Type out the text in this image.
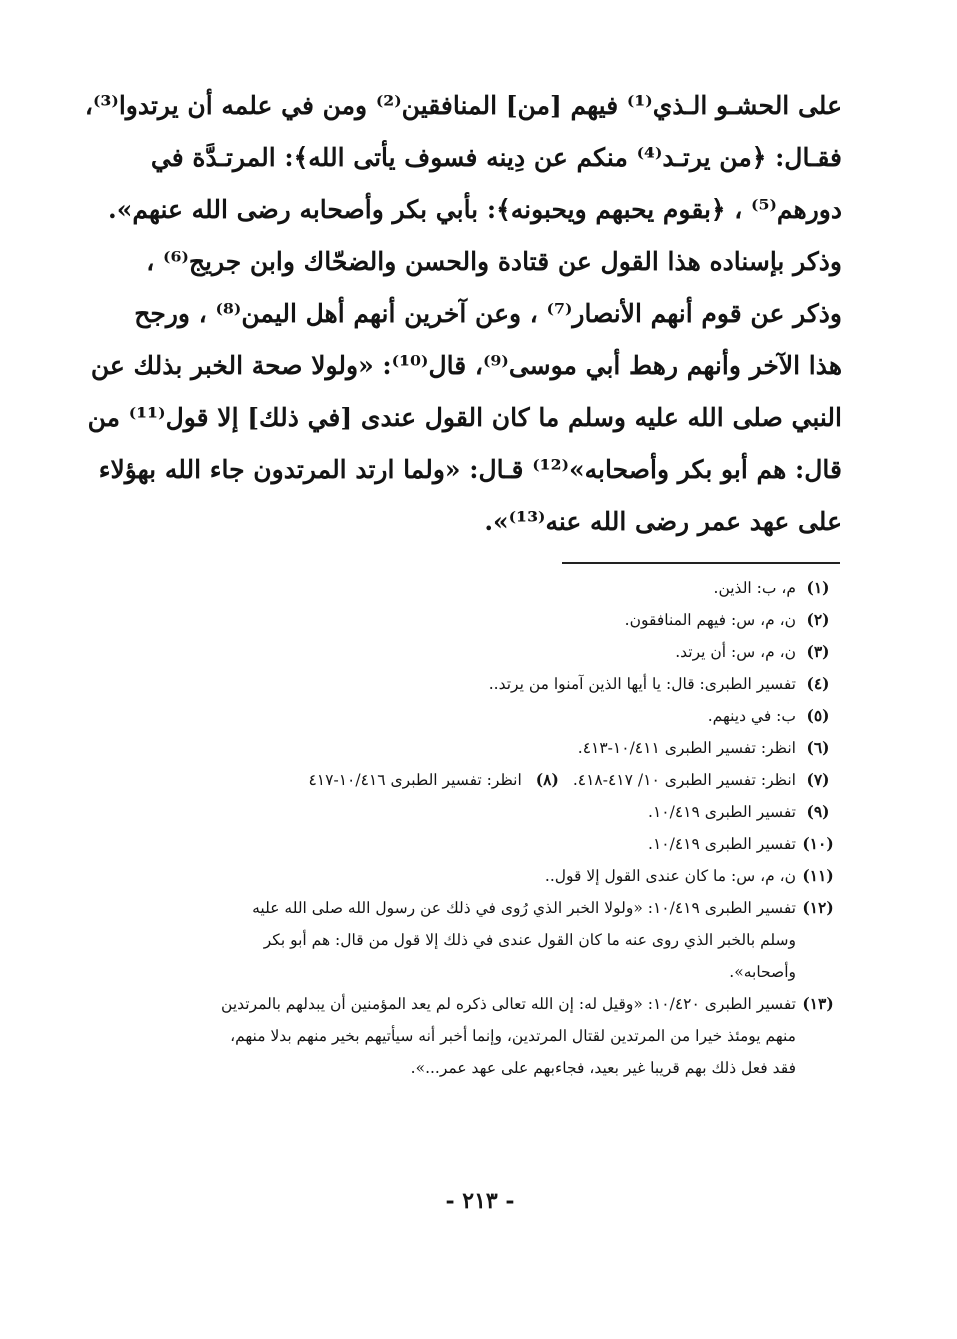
على الحشـو الـذي⁽¹⁾ فيهم [من] المنافقين⁽²⁾ ومن في علمه أن يرتدوا⁽³⁾،
فقـال: ﴿من يرتـد⁽⁴⁾ منكم عن دِينه فسوف يأتى الله﴾: المرتـدَّة في
دورهم⁽⁵⁾ ، ﴿بقوم يحبهم ويحبونه﴾: بأبي بكر وأصحابه رضى الله عنهم».
وذكر بإسناده هذا القول عن قتادة والحسن والضحّاك وابن جريج⁽⁶⁾ ،
وذكر عن قوم أنهم الأنصار⁽⁷⁾ ، وعن آخرين أنهم أهل اليمن⁽⁸⁾ ، ورجح
هذا الآخر وأنهم رهط أبي موسى⁽⁹⁾، قال⁽¹⁰⁾: «ولولا صحة الخبر بذلك عن
النبي صلى الله عليه وسلم ما كان القول عندى [في ذلك] إلا قول⁽¹¹⁾ من
قال: هم أبو بكر وأصحابه»⁽¹²⁾ قـال: «ولما ارتد المرتدون جاء الله بهؤلاء
على عهد عمر رضى الله عنه⁽¹³⁾».
(١)
م، ب: الذين.
(٢)
ن، م، س: فيهم المنافقون.
(٣)
ن، م، س: أن يرتد.
(٤)
تفسير الطبرى: قال: يا أيها الذين آمنوا من يرتد..
(٥)
ب: في دينهم.
(٦)
انظر: تفسير الطبرى ١٠/٤١١-٤١٣.
(٧)
انظر: تفسير الطبرى ١٠/ ٤١٧-٤١٨.(٨)انظر: تفسير الطبرى ١٠/٤١٦-٤١٧
(٩)
تفسير الطبرى ١٠/٤١٩.
(١٠)
تفسير الطبرى ١٠/٤١٩.
(١١)
ن، م، س: ما كان عندى القول إلا قول..
(١٢)
تفسير الطبرى ١٠/٤١٩: «ولولا الخبر الذي رُوى في ذلك عن رسول الله صلى الله عليه
وسلم بالخبر الذي روى عنه ما كان القول عندى في ذلك إلا قول من قال: هم أبو بكر
وأصحابه».
(١٣)
تفسير الطبرى ١٠/٤٢٠: «وقيل له: إن الله تعالى ذكره لم يعد المؤمنين أن يبدلهم بالمرتدين
منهم يومئذ خيرا من المرتدين لقتال المرتدين، وإنما أخبر أنه سيأتيهم بخير منهم بدلا منهم،
فقد فعل ذلك بهم قريبا غير بعيد، فجاءبهم على عهد عمر...».
- ٢١٣ -
